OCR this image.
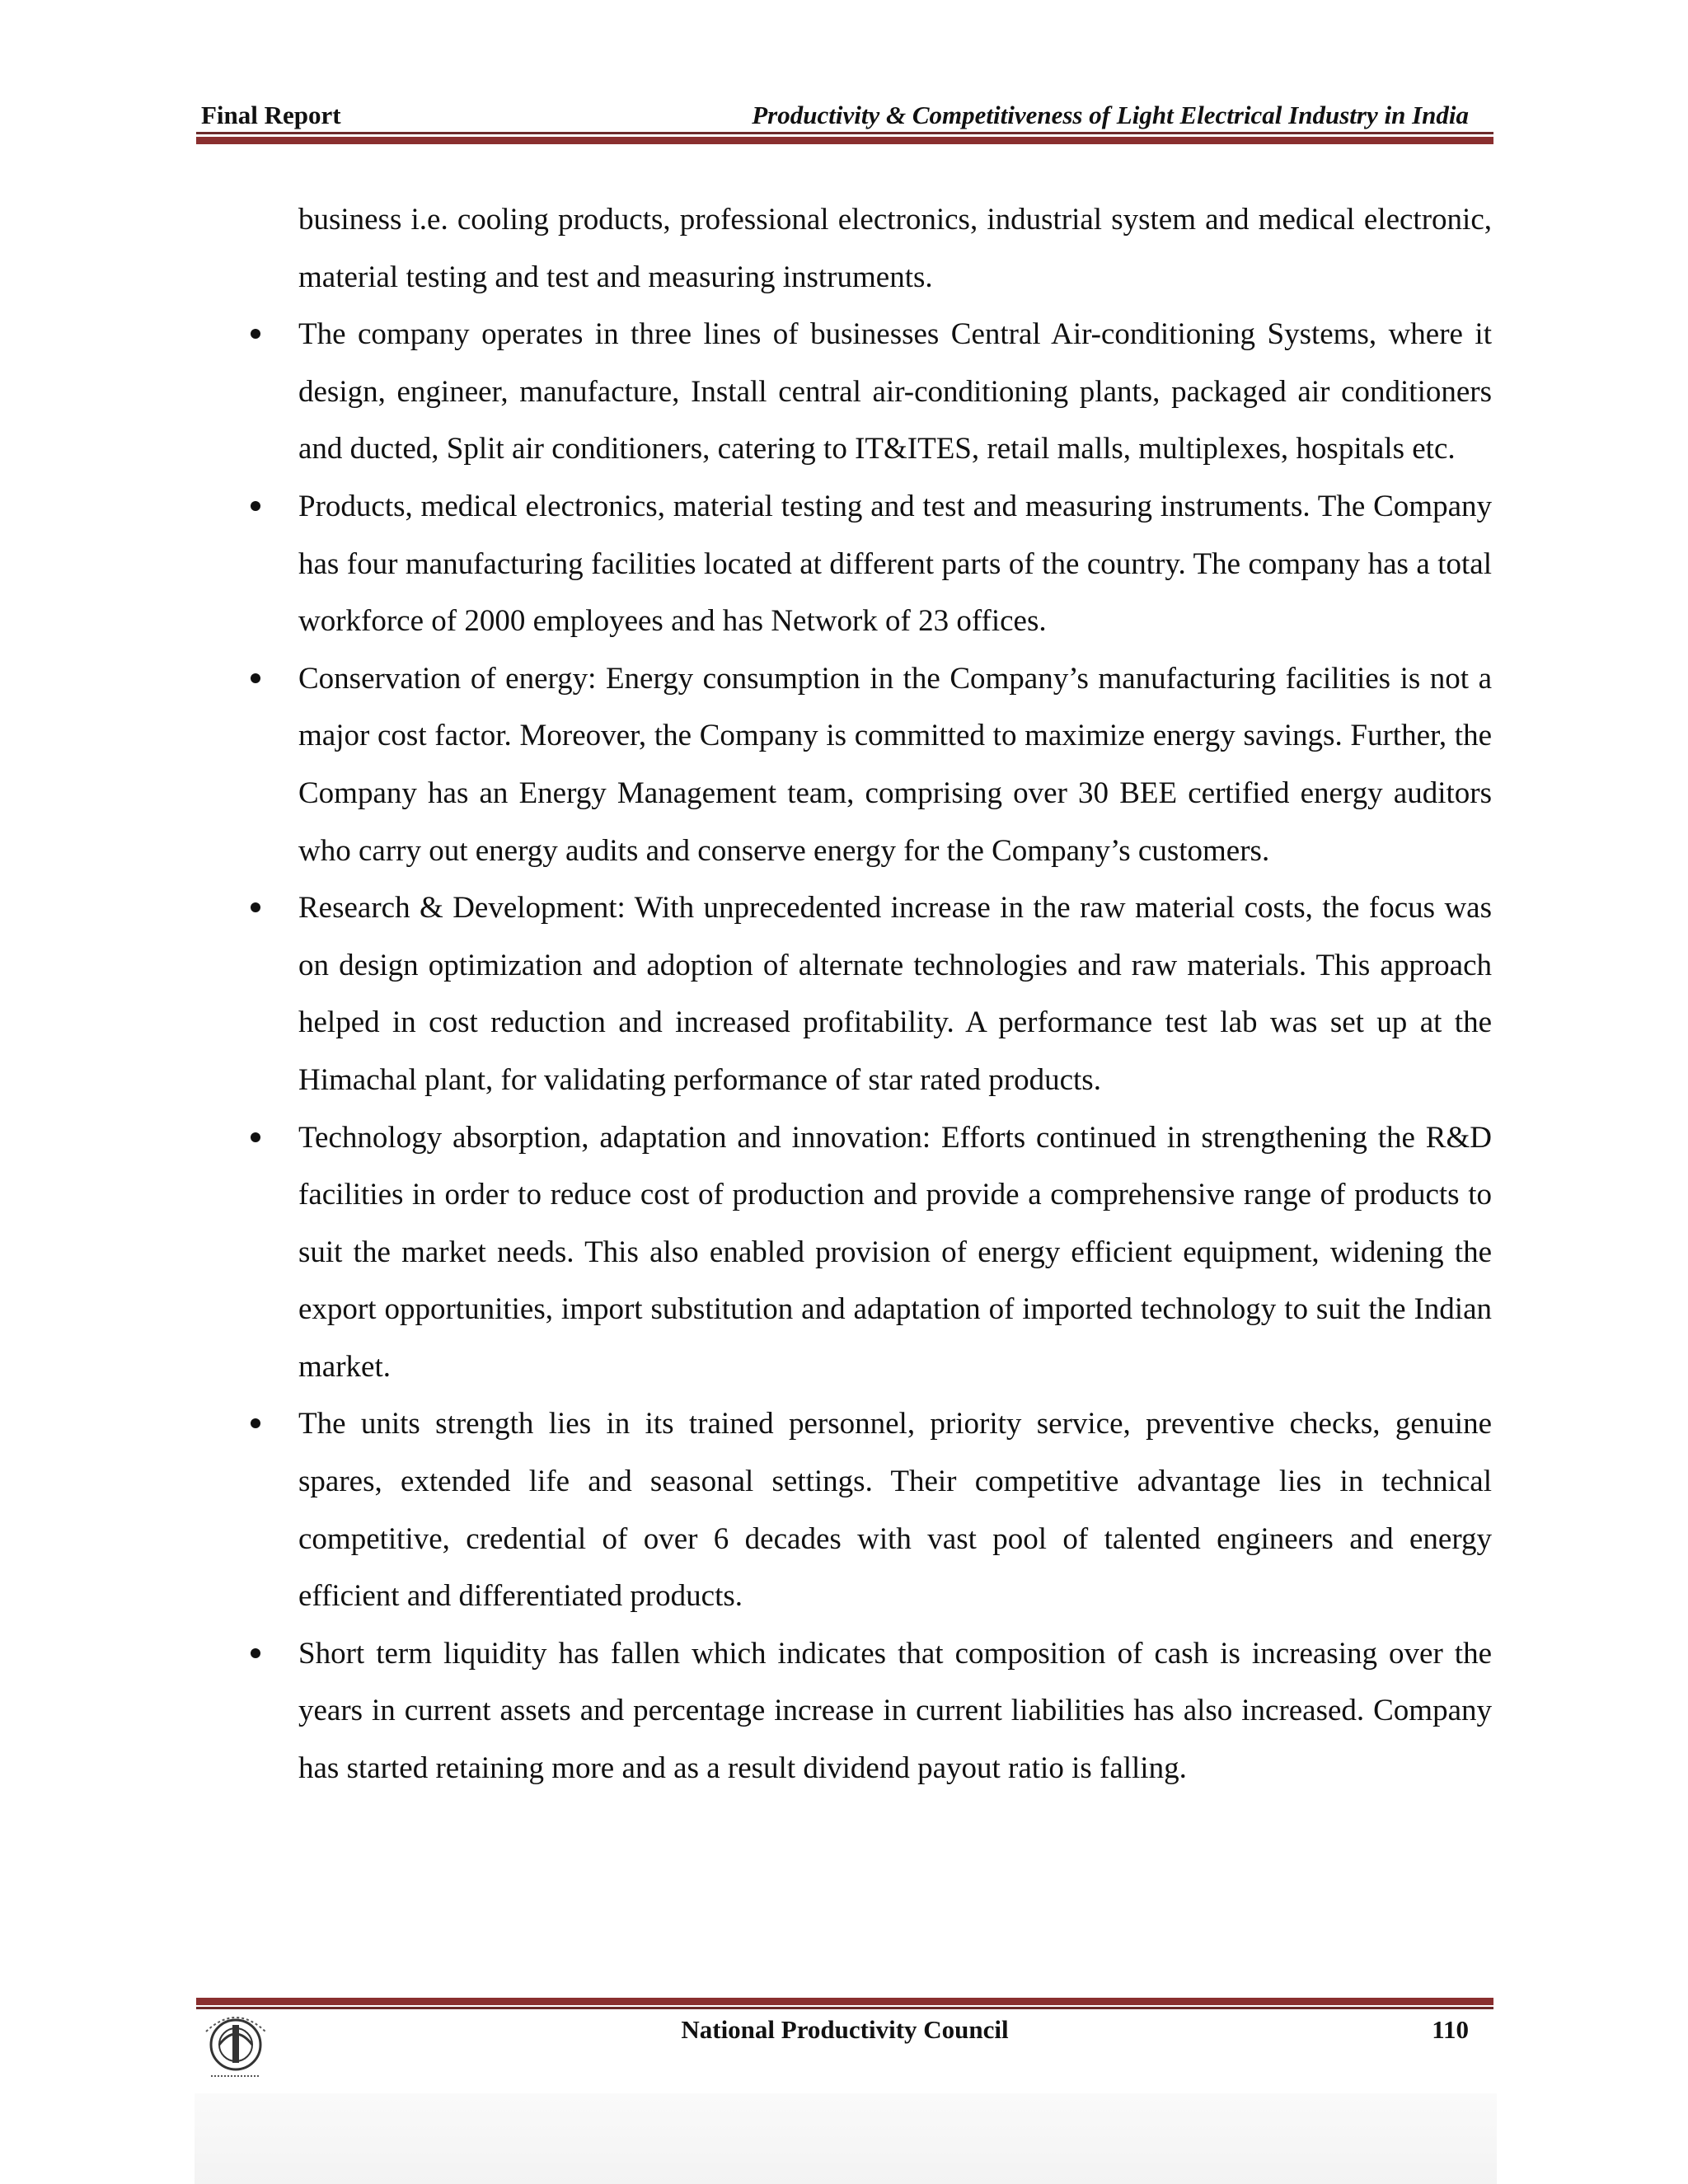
Final Report	Productivity & Competitiveness of Light Electrical Industry in India

business i.e. cooling products, professional electronics, industrial system and medical electronic, material testing and test and measuring instruments.

The company operates in three lines of businesses Central Air-conditioning Systems, where it design, engineer, manufacture, Install central air-conditioning plants, packaged air conditioners and ducted, Split air conditioners, catering to IT&ITES, retail malls, multiplexes, hospitals etc.
Products, medical electronics, material testing and test and measuring instruments. The Company has four manufacturing facilities located at different parts of the country. The company has a total workforce of 2000 employees and has Network of 23 offices.
Conservation of energy: Energy consumption in the Company’s manufacturing facilities is not a major cost factor. Moreover, the Company is committed to maximize energy savings. Further, the Company has an Energy Management team, comprising over 30 BEE certified energy auditors who carry out energy audits and conserve energy for the Company’s customers.
Research & Development: With unprecedented increase in the raw material costs, the focus was on design optimization and adoption of alternate technologies and raw materials. This approach helped in cost reduction and increased profitability. A performance test lab was set up at the Himachal plant, for validating performance of star rated products.
Technology absorption, adaptation and innovation: Efforts continued in strengthening the R&D facilities in order to reduce cost of production and provide a comprehensive range of products to suit the market needs. This also enabled provision of energy efficient equipment, widening the export opportunities, import substitution and adaptation of imported technology to suit the Indian market.
The units strength lies in its trained personnel, priority service, preventive checks, genuine spares, extended life and seasonal settings. Their competitive advantage lies in technical competitive, credential of over 6 decades with vast pool of talented engineers and energy efficient and differentiated products.
Short term liquidity has fallen which indicates that composition of cash is increasing over the years in current assets and percentage increase in current liabilities has also increased. Company has started retaining more and as a result dividend payout ratio is falling.
National Productivity Council	110
